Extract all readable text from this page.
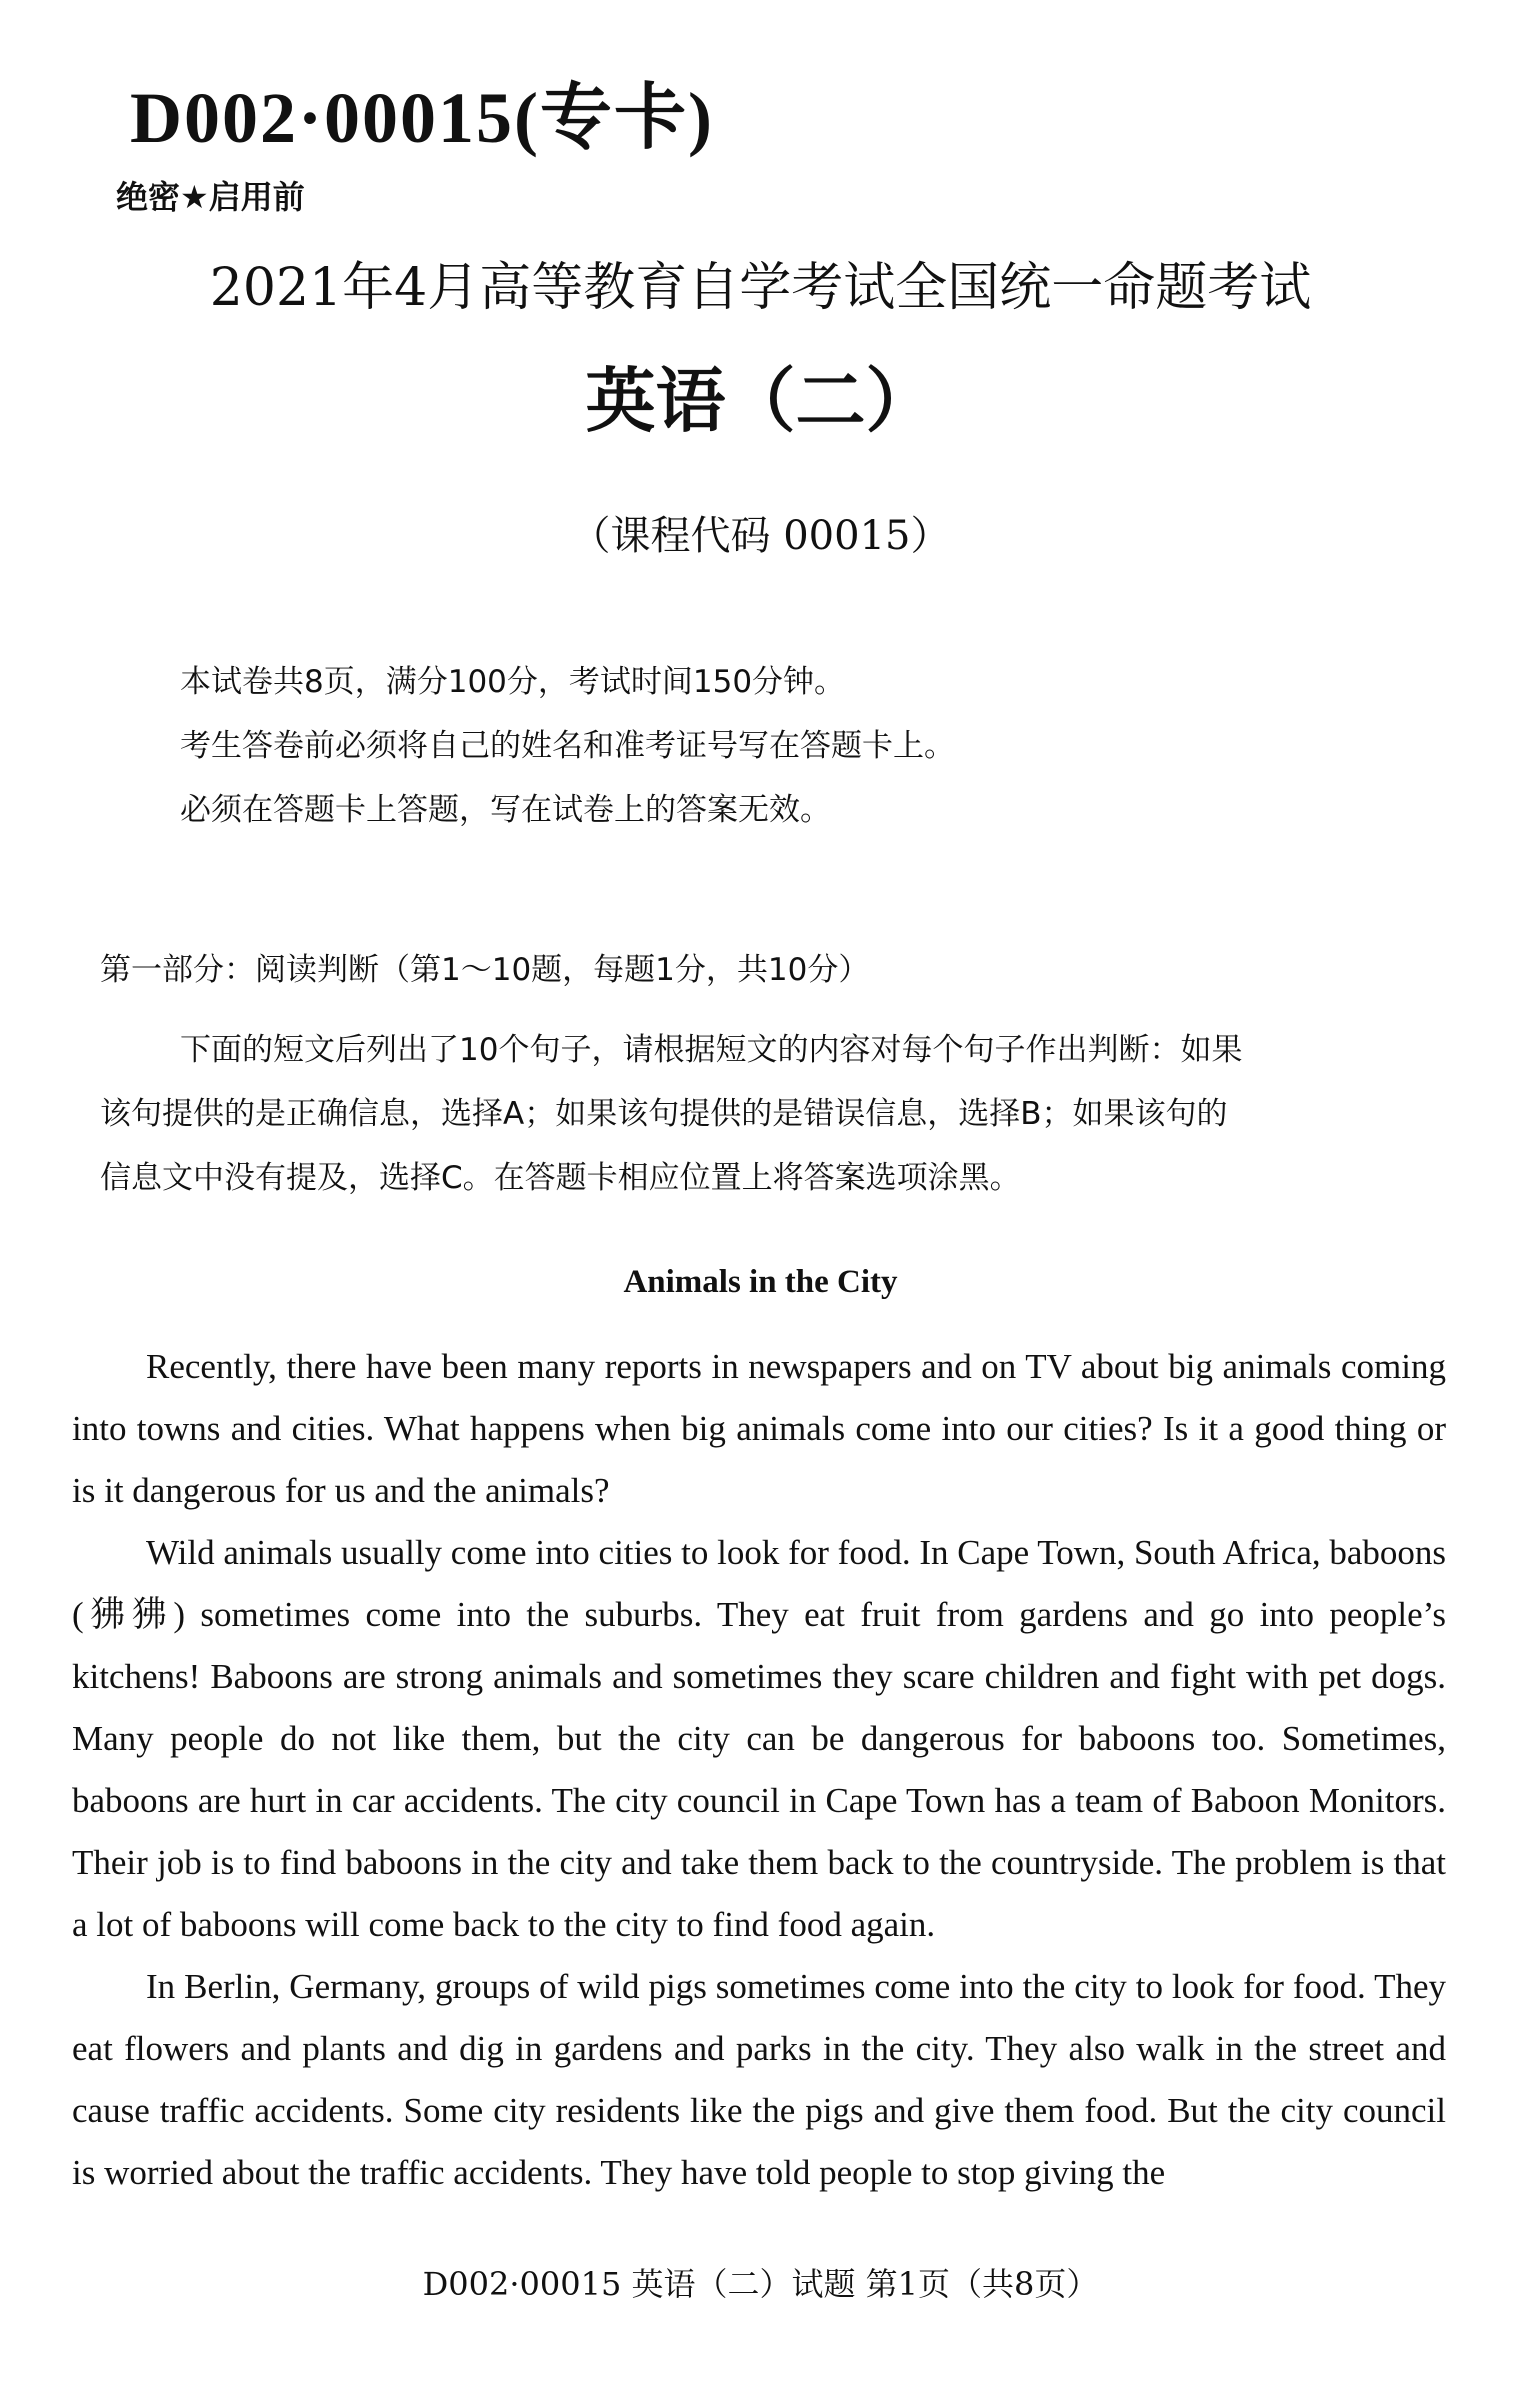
D002·00015(专卡)
绝密★启用前
2021年4月高等教育自学考试全国统一命题考试
英语（二）
（课程代码 00015）
本试卷共8页，满分100分，考试时间150分钟。
考生答卷前必须将自己的姓名和准考证号写在答题卡上。
必须在答题卡上答题，写在试卷上的答案无效。
第一部分：阅读判断（第1～10题，每题1分，共10分）
下面的短文后列出了10个句子，请根据短文的内容对每个句子作出判断：如果
该句提供的是正确信息，选择A；如果该句提供的是错误信息，选择B；如果该句的
信息文中没有提及，选择C。在答题卡相应位置上将答案选项涂黑。
Animals in the City

Recently, there have been many reports in newspapers and on TV about big animals coming into towns and cities. What happens when big animals come into our cities? Is it a good thing or is it dangerous for us and the animals?

Wild animals usually come into cities to look for food. In Cape Town, South Africa, baboons (狒狒) sometimes come into the suburbs. They eat fruit from gardens and go into people’s kitchens! Baboons are strong animals and sometimes they scare children and fight with pet dogs. Many people do not like them, but the city can be dangerous for baboons too. Sometimes, baboons are hurt in car accidents. The city council in Cape Town has a team of Baboon Monitors. Their job is to find baboons in the city and take them back to the countryside. The problem is that a lot of baboons will come back to the city to find food again.

In Berlin, Germany, groups of wild pigs sometimes come into the city to look for food. They eat flowers and plants and dig in gardens and parks in the city. They also walk in the street and cause traffic accidents. Some city residents like the pigs and give them food. But the city council is worried about the traffic accidents. They have told people to stop giving the

D002·00015 英语（二）试题 第1页（共8页）
